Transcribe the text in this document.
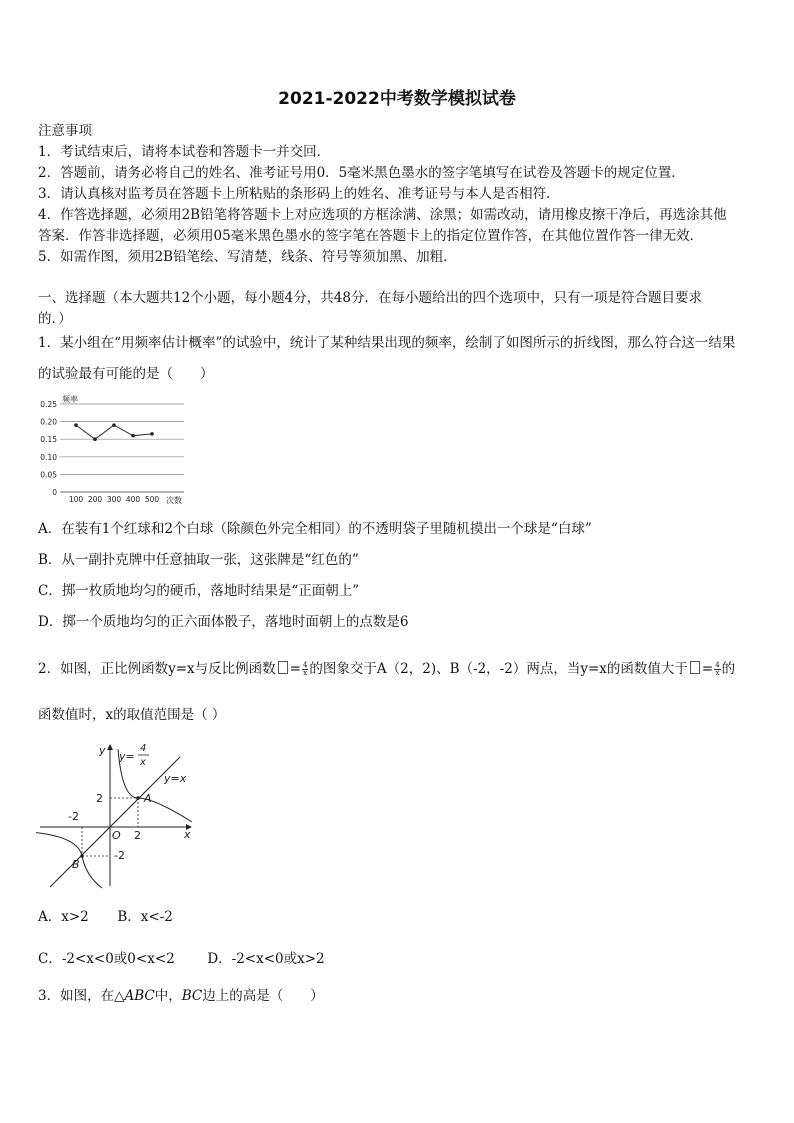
2021-2022中考数学模拟试卷
注意事项
1．考试结束后，请将本试卷和答题卡一并交回．
2．答题前，请务必将自己的姓名、准考证号用0．5毫米黑色墨水的签字笔填写在试卷及答题卡的规定位置．
3．请认真核对监考员在答题卡上所粘贴的条形码上的姓名、准考证号与本人是否相符．
4．作答选择题，必须用2B铅笔将答题卡上对应选项的方框涂满、涂黑；如需改动，请用橡皮擦干净后，再选涂其他
答案．作答非选择题，必须用05毫米黑色墨水的签字笔在答题卡上的指定位置作答，在其他位置作答一律无效．
5．如需作图，须用2B铅笔绘、写清楚，线条、符号等须加黑、加粗．
一、选择题（本大题共12个小题，每小题4分，共48分．在每小题给出的四个选项中，只有一项是符合题目要求
的．）
1．某小组在“用频率估计概率”的试验中，统计了某种结果出现的频率，绘制了如图所示的折线图，那么符合这一结果
的试验最有可能的是（　　）
0.25
0.20
0.15
0.10
0.05
0
100 200 300 400 500
频率
次数
A．在装有1个红球和2个白球（除颜色外完全相同）的不透明袋子里随机摸出一个球是“白球”
B．从一副扑克牌中任意抽取一张，这张牌是“红色的”
C．掷一枚质地均匀的硬币，落地时结果是“正面朝上”
D．掷一个质地均匀的正六面体骰子，落地时面朝上的点数是6
2．如图，正比例函数y=x与反比例函数 = $\frac{4}{x}$ 的图象交于A（2，2)、B（-2，-2）两点，当y=x的函数值大于 = $\frac{4}{x}$ 的
函数值时，x的取值范围是（ ）
y
x
O
y=
4
x
y=x
A
B
2
-2
2
-2
A．x>2 B．x<-2
C．-2<x<0或0<x<2 D．-2<x<0或x>2
3．如图，在△ABC中，BC边上的高是（　　）
